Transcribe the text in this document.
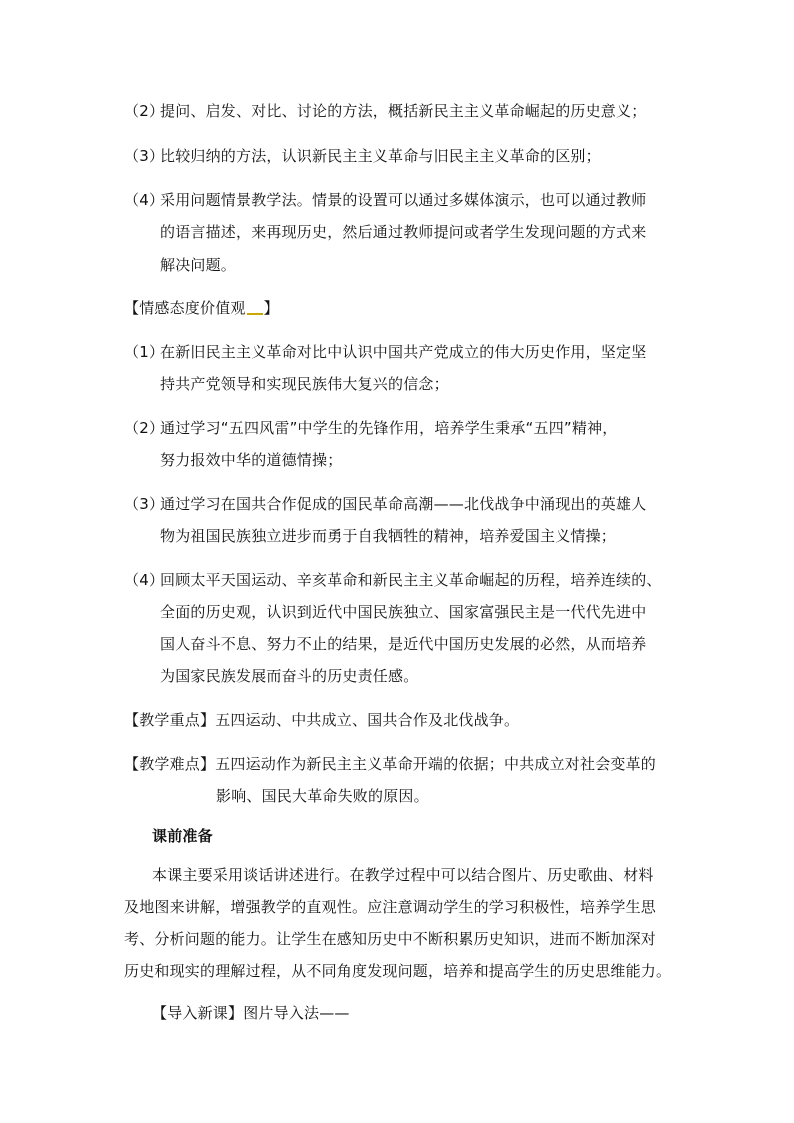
（2）
提问、启发、对比、讨论的方法，概括新民主主义革命崛起的历史意义；
（3）
比较归纳的方法，认识新民主主义革命与旧民主主义革命的区别；
（4）
采用问题情景教学法。情景的设置可以通过多媒体演示，也可以通过教师
的语言描述，来再现历史，然后通过教师提问或者学生发现问题的方式来
解决问题。
【情感态度价值观 】
（1）
在新旧民主主义革命对比中认识中国共产党成立的伟大历史作用，坚定坚
持共产党领导和实现民族伟大复兴的信念；
（2）
通过学习“五四风雷”中学生的先锋作用，培养学生秉承“五四”精神，
努力报效中华的道德情操；
（3）
通过学习在国共合作促成的国民革命高潮——北伐战争中涌现出的英雄人
物为祖国民族独立进步而勇于自我牺牲的精神，培养爱国主义情操；
（4）
回顾太平天国运动、辛亥革命和新民主主义革命崛起的历程，培养连续的、
全面的历史观，认识到近代中国民族独立、国家富强民主是一代代先进中
国人奋斗不息、努力不止的结果，是近代中国历史发展的必然，从而培养
为国家民族发展而奋斗的历史责任感。
【教学重点】五四运动、中共成立、国共合作及北伐战争。
【教学难点】五四运动作为新民主主义革命开端的依据；中共成立对社会变革的
影响、国民大革命失败的原因。
课前准备
本课主要采用谈话讲述进行。在教学过程中可以结合图片、历史歌曲、材料
及地图来讲解，增强教学的直观性。应注意调动学生的学习积极性，培养学生思
考、分析问题的能力。让学生在感知历史中不断积累历史知识，进而不断加深对
历史和现实的理解过程，从不同角度发现问题，培养和提高学生的历史思维能力。
【导入新课】图片导入法——
